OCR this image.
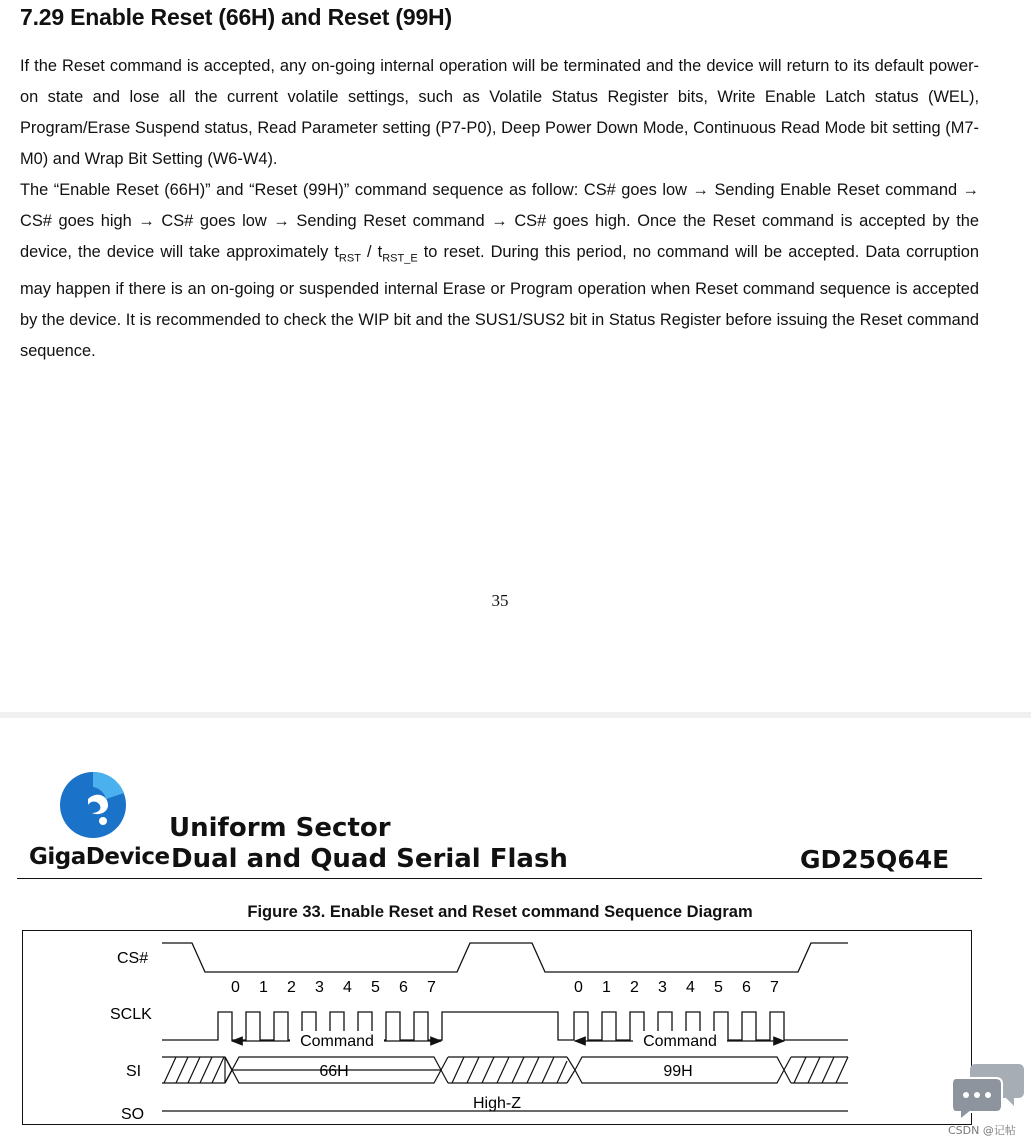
7.29 Enable Reset (66H) and Reset (99H)

If the Reset command is accepted, any on-going internal operation will be terminated and the device will return to its default power-on state and lose all the current volatile settings, such as Volatile Status Register bits, Write Enable Latch status (WEL), Program/Erase Suspend status, Read Parameter setting (P7-P0), Deep Power Down Mode, Continuous Read Mode bit setting (M7-M0) and Wrap Bit Setting (W6-W4).

The “Enable Reset (66H)” and “Reset (99H)” command sequence as follow: CS# goes low → Sending Enable Reset command → CS# goes high → CS# goes low → Sending Reset command → CS# goes high. Once the Reset command is accepted by the device, the device will take approximately $t_{RST} / t_{RST\_E}$ to reset. During this period, no command will be accepted. Data corruption may happen if there is an on-going or suspended internal Erase or Program operation when Reset command sequence is accepted by the device. It is recommended to check the WIP bit and the SUS1/SUS2 bit in Status Register before issuing the Reset command sequence.

35
GigaDevice
Uniform Sector
Dual and Quad Serial Flash	GD25Q64E
Figure 33. Enable Reset and Reset command Sequence Diagram
CS#
SCLK
SI
SO
0 1 2 3 4 5 6 7	0 1 2 3 4 5 6 7
Command	Command
66H	99H
High-Z
CSDN @记帖
